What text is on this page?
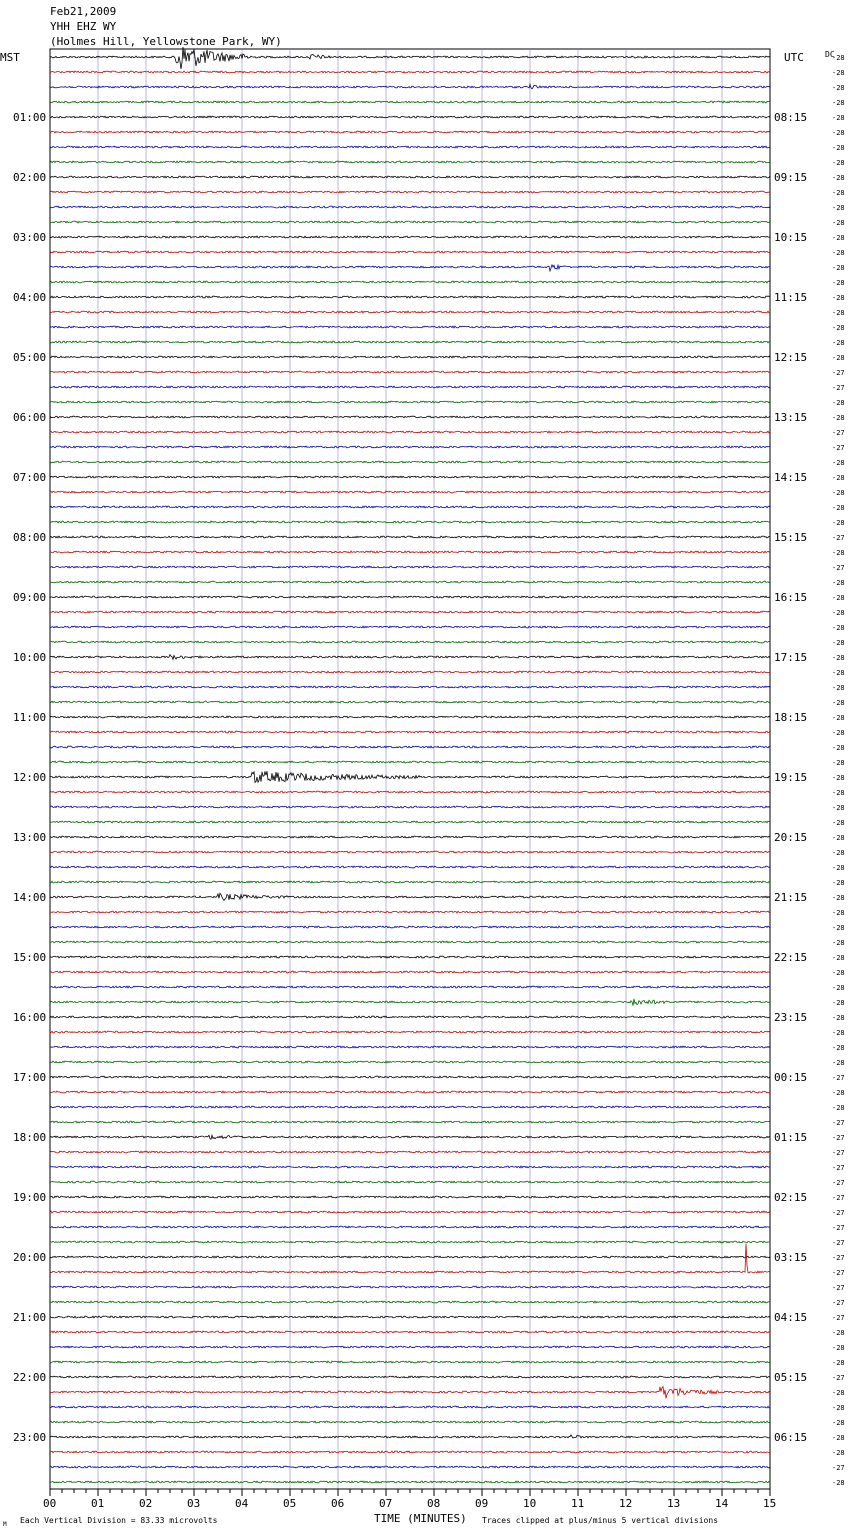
Feb21,2009
YHH EHZ WY
(Holmes Hill, Yellowstone Park, WY)
-28
-28
-28
-28
-28
-28
-28
-28
-28
-28
-28
-28
-28
-28
-28
-28
-28
-28
-28
-28
-28
-27
-27
-28
-28
-27
-27
-28
-28
-28
-28
-28
-27
-28
-27
-28
-28
-28
-28
-28
-28
-28
-28
-28
-28
-28
-28
-28
-28
-28
-28
-28
-28
-28
-28
-28
-28
-28
-28
-28
-28
-28
-28
-28
-28
-28
-28
-28
-27
-28
-28
-27
-27
-27
-27
-27
-27
-27
-27
-27
-27
-27
-27
-27
-27
-28
-28
-28
-27
-28
-28
-28
-28
-28
-27
-28
MST	UTC	DC
TIME (MINUTES)
Each Vertical Division = 83.33 microvolts	Traces clipped at plus/minus 5 vertical divisions
M
01:00	08:15
02:00	09:15
03:00	10:15
04:00	11:15
05:00	12:15
06:00	13:15
07:00	14:15
08:00	15:15
09:00	16:15
10:00	17:15
11:00	18:15
12:00	19:15
13:00	20:15
14:00	21:15
15:00	22:15
16:00	23:15
17:00	00:15
18:00	01:15
19:00	02:15
20:00	03:15
21:00	04:15
22:00	05:15
23:00	06:15
00	01	02	03	04	05	06	07	08	09	10	11	12	13	14	15
